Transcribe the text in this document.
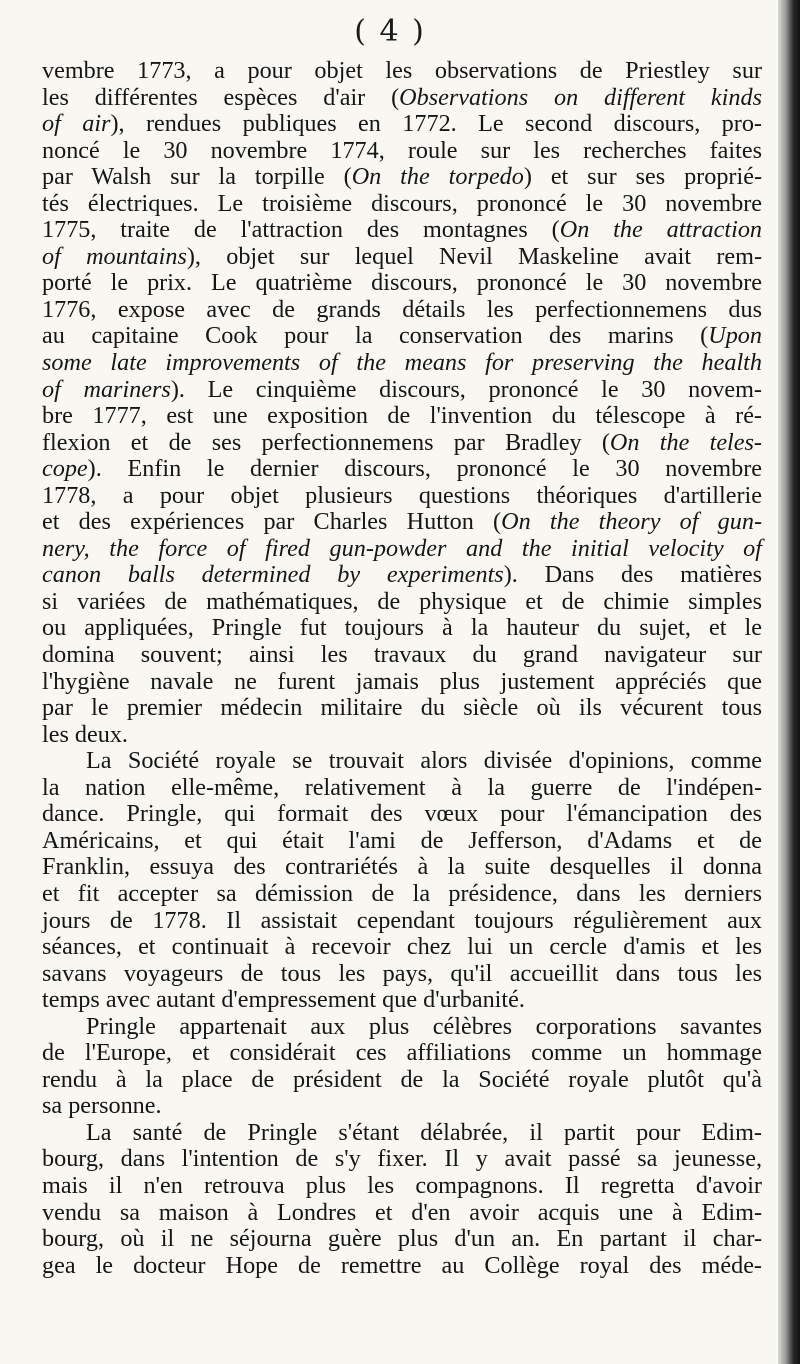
( 4 )
vembre 1773, a pour objet les observations de Priestley sur
les différentes espèces d'air (Observations on different kinds
of air), rendues publiques en 1772. Le second discours, pro-
noncé le 30 novembre 1774, roule sur les recherches faites
par Walsh sur la torpille (On the torpedo) et sur ses proprié-
tés électriques. Le troisième discours, prononcé le 30 novembre
1775, traite de l'attraction des montagnes (On the attraction
of mountains), objet sur lequel Nevil Maskeline avait rem-
porté le prix. Le quatrième discours, prononcé le 30 novembre
1776, expose avec de grands détails les perfectionnemens dus
au capitaine Cook pour la conservation des marins (Upon
some late improvements of the means for preserving the health
of mariners). Le cinquième discours, prononcé le 30 novem-
bre 1777, est une exposition de l'invention du télescope à ré-
flexion et de ses perfectionnemens par Bradley (On the teles-
cope). Enfin le dernier discours, prononcé le 30 novembre
1778, a pour objet plusieurs questions théoriques d'artillerie
et des expériences par Charles Hutton (On the theory of gun-
nery, the force of fired gun-powder and the initial velocity of
canon balls determined by experiments). Dans des matières
si variées de mathématiques, de physique et de chimie simples
ou appliquées, Pringle fut toujours à la hauteur du sujet, et le
domina souvent; ainsi les travaux du grand navigateur sur
l'hygiène navale ne furent jamais plus justement appréciés que
par le premier médecin militaire du siècle où ils vécurent tous
les deux.
La Société royale se trouvait alors divisée d'opinions, comme
la nation elle-même, relativement à la guerre de l'indépen-
dance. Pringle, qui formait des vœux pour l'émancipation des
Américains, et qui était l'ami de Jefferson, d'Adams et de
Franklin, essuya des contrariétés à la suite desquelles il donna
et fit accepter sa démission de la présidence, dans les derniers
jours de 1778. Il assistait cependant toujours régulièrement aux
séances, et continuait à recevoir chez lui un cercle d'amis et les
savans voyageurs de tous les pays, qu'il accueillit dans tous les
temps avec autant d'empressement que d'urbanité.
Pringle appartenait aux plus célèbres corporations savantes
de l'Europe, et considérait ces affiliations comme un hommage
rendu à la place de président de la Société royale plutôt qu'à
sa personne.
La santé de Pringle s'étant délabrée, il partit pour Edim-
bourg, dans l'intention de s'y fixer. Il y avait passé sa jeunesse,
mais il n'en retrouva plus les compagnons. Il regretta d'avoir
vendu sa maison à Londres et d'en avoir acquis une à Edim-
bourg, où il ne séjourna guère plus d'un an. En partant il char-
gea le docteur Hope de remettre au Collège royal des méde-
